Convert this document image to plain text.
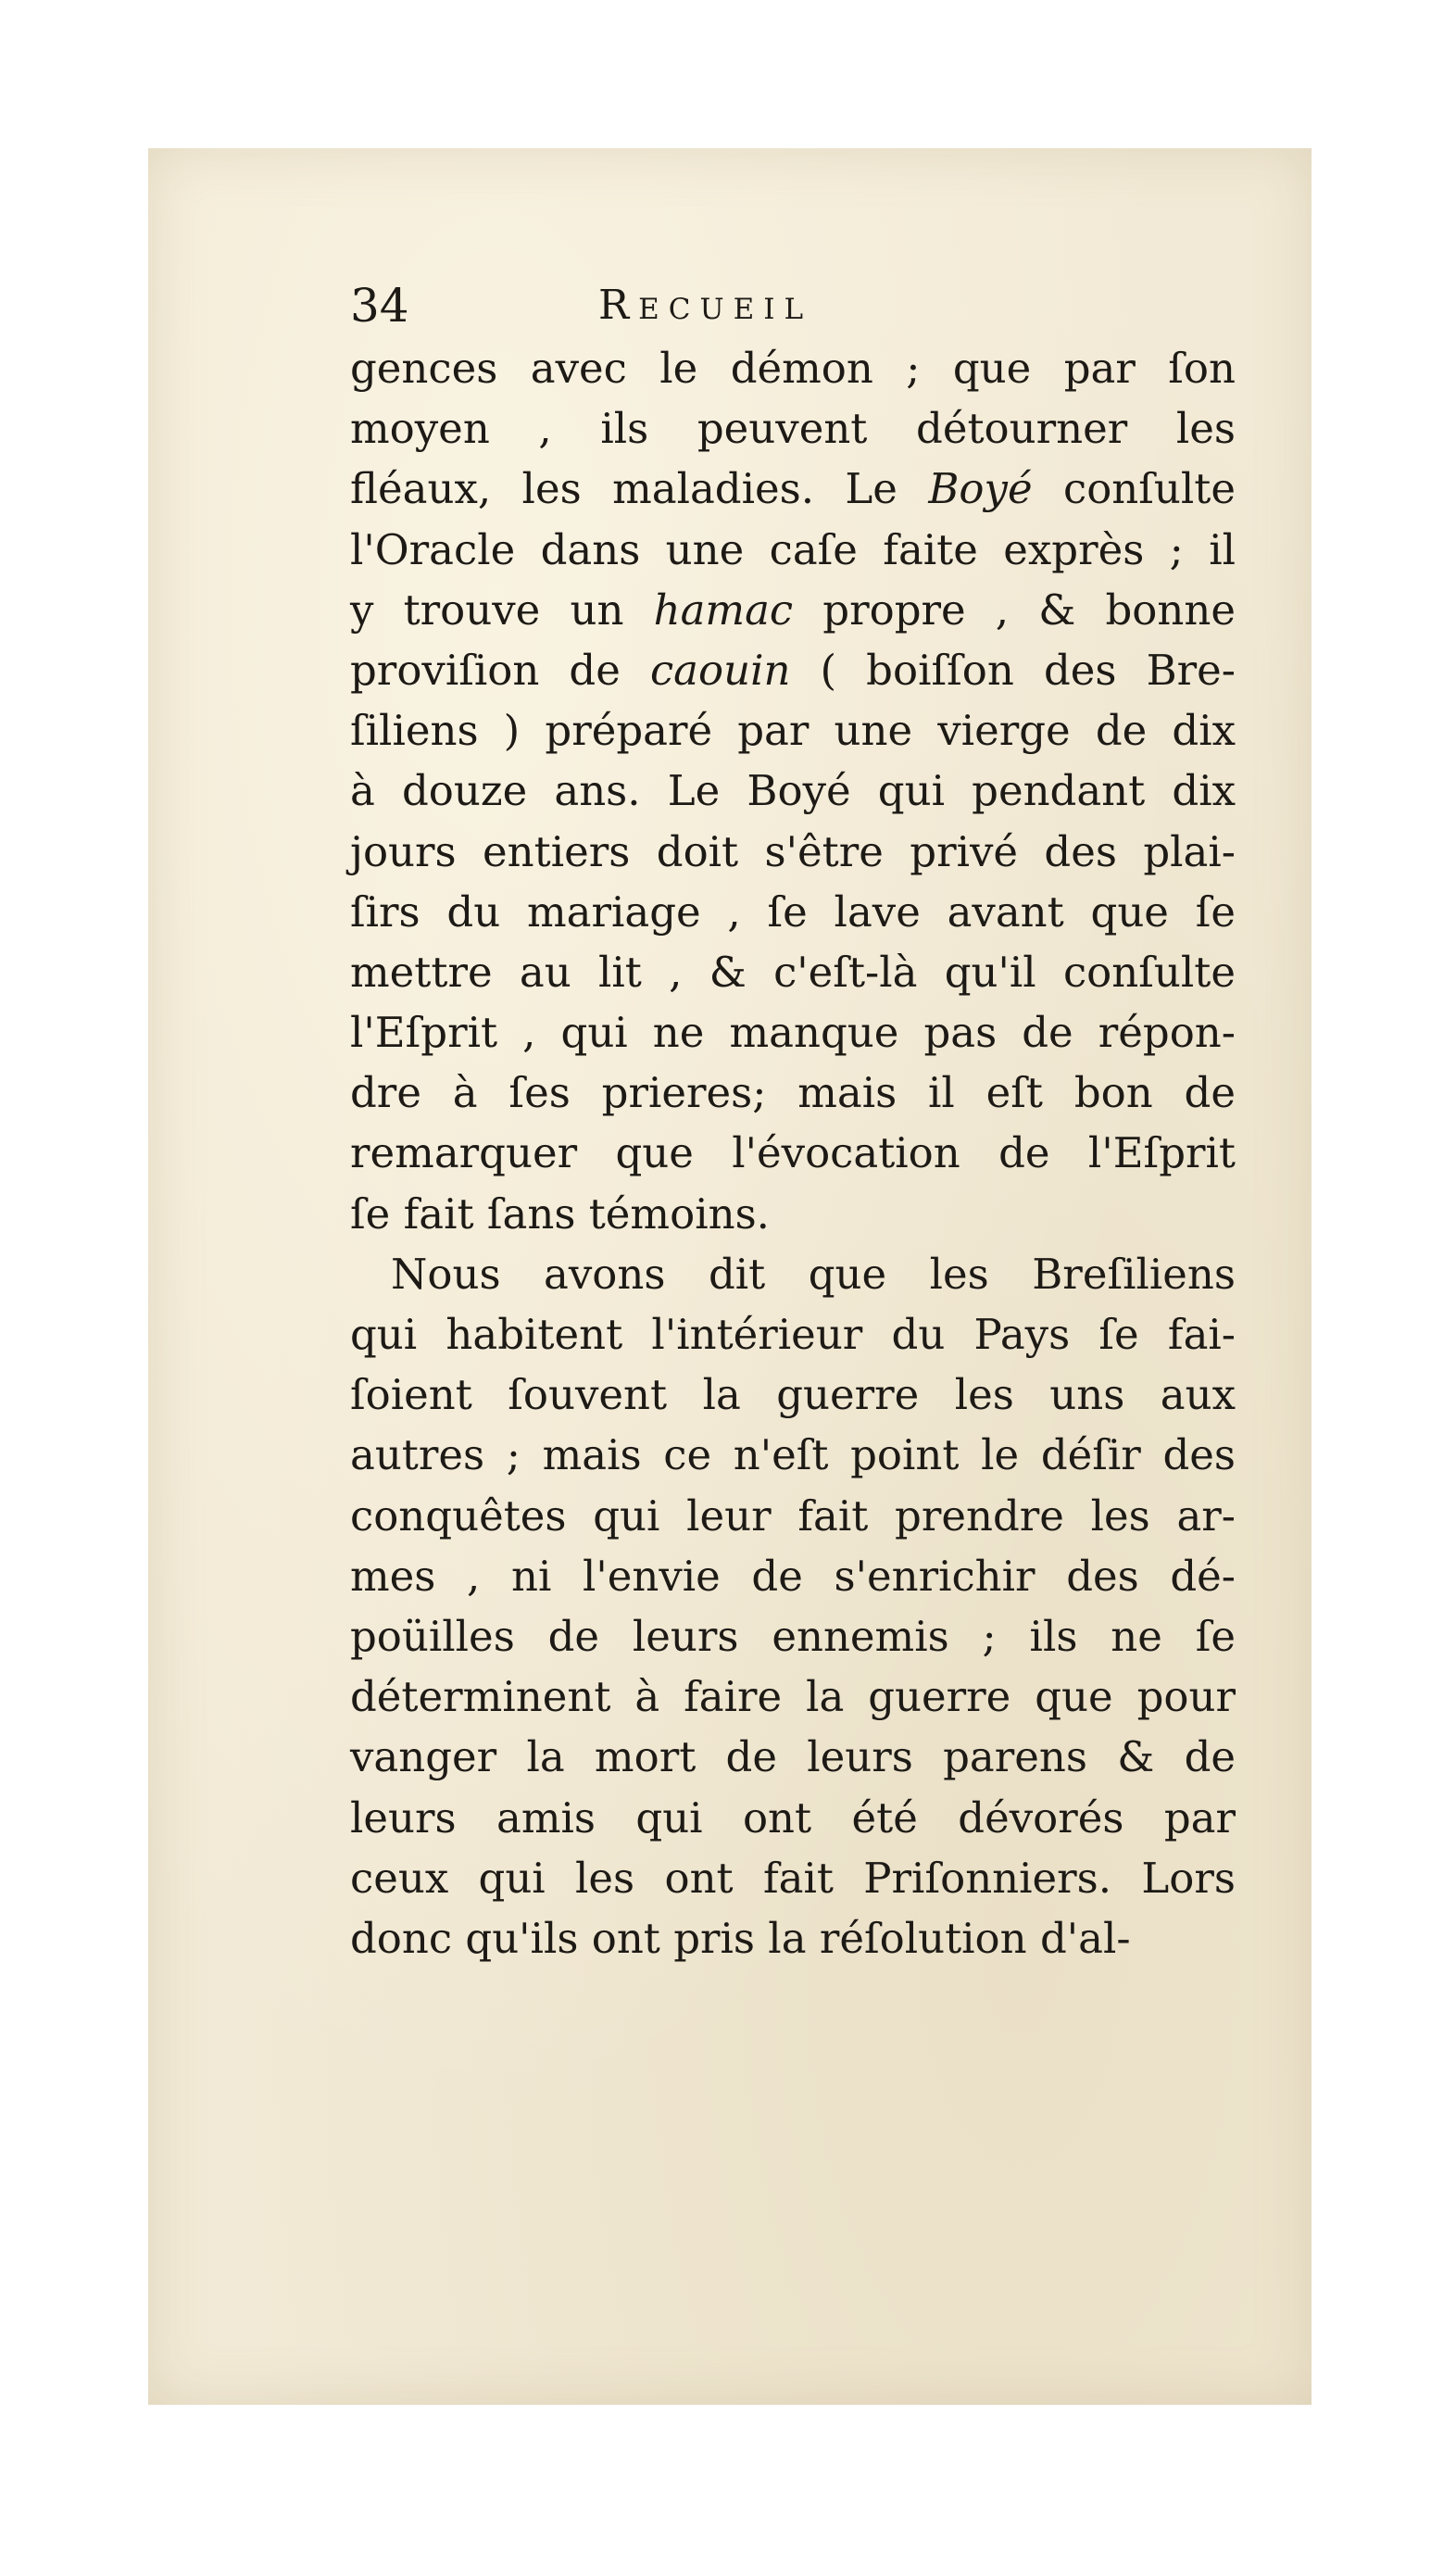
34	Recueil
gences avec le démon ; que par ſon
moyen , ils peuvent détourner les
fléaux, les maladies. Le Boyé conſulte
l'Oracle dans une caſe faite exprès ; il
y trouve un hamac propre , & bonne
proviſion de caouin ( boiſſon des Bre-
ſiliens ) préparé par une vierge de dix
à douze ans. Le Boyé qui pendant dix
jours entiers doit s'être privé des plai-
ſirs du mariage , ſe lave avant que ſe
mettre au lit , & c'eſt-là qu'il conſulte
l'Eſprit , qui ne manque pas de répon-
dre à ſes prieres; mais il eſt bon de
remarquer que l'évocation de l'Eſprit
ſe fait ſans témoins.
Nous avons dit que les Breſiliens
qui habitent l'intérieur du Pays ſe fai-
ſoient ſouvent la guerre les uns aux
autres ; mais ce n'eſt point le déſir des
conquêtes qui leur fait prendre les ar-
mes , ni l'envie de s'enrichir des dé-
poüilles de leurs ennemis ; ils ne ſe
déterminent à faire la guerre que pour
vanger la mort de leurs parens & de
leurs amis qui ont été dévorés par
ceux qui les ont fait Priſonniers. Lors
donc qu'ils ont pris la réſolution d'al-
